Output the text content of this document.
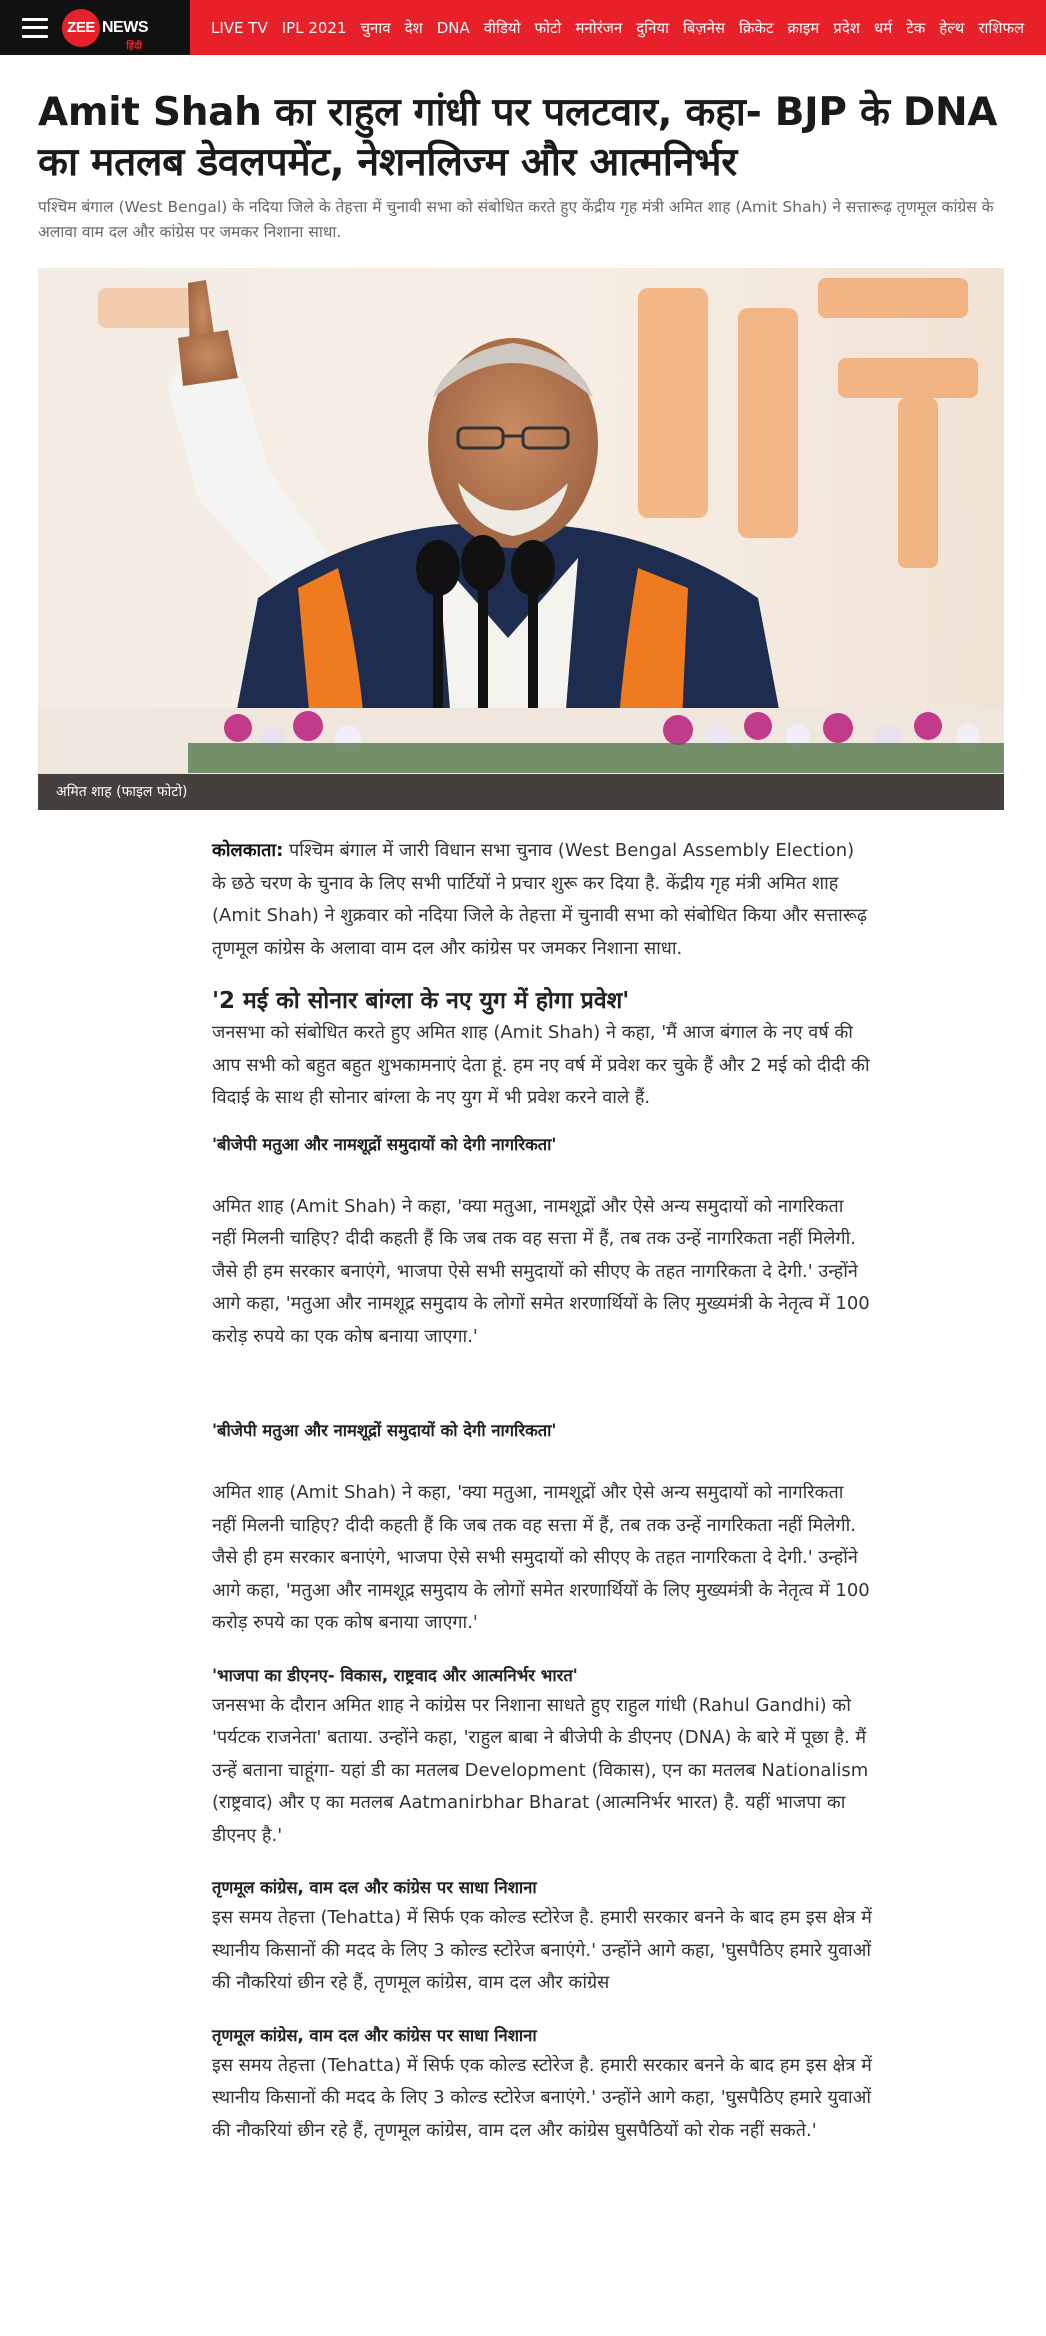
ZEE NEWS
हिंदी
LIVE TV IPL 2021 चुनाव देश DNA वीडियो फोटो मनोरंजन दुनिया बिज़नेस क्रिकेट क्राइम प्रदेश धर्म टेक हेल्थ राशिफल
Amit Shah का राहुल गांधी पर पलटवार, कहा- BJP के DNA का मतलब डेवलपमेंट, नेशनलिज्म और आत्मनिर्भर

पश्चिम बंगाल (West Bengal) के नदिया जिले के तेहत्ता में चुनावी सभा को संबोधित करते हुए केंद्रीय गृह मंत्री अमित शाह (Amit Shah) ने सत्तारूढ़ तृणमूल कांग्रेस के अलावा वाम दल और कांग्रेस पर जमकर निशाना साधा.

अमित शाह (फाइल फोटो)

कोलकाता: पश्चिम बंगाल में जारी विधान सभा चुनाव (West Bengal Assembly Election) के छठे चरण के चुनाव के लिए सभी पार्टियों ने प्रचार शुरू कर दिया है. केंद्रीय गृह मंत्री अमित शाह (Amit Shah) ने शुक्रवार को नदिया जिले के तेहत्ता में चुनावी सभा को संबोधित किया और सत्तारूढ़ तृणमूल कांग्रेस के अलावा वाम दल और कांग्रेस पर जमकर निशाना साधा.

'2 मई को सोनार बांग्ला के नए युग में होगा प्रवेश'

जनसभा को संबोधित करते हुए अमित शाह (Amit Shah) ने कहा, 'मैं आज बंगाल के नए वर्ष की आप सभी को बहुत बहुत शुभकामनाएं देता हूं. हम नए वर्ष में प्रवेश कर चुके हैं और 2 मई को दीदी की विदाई के साथ ही सोनार बांग्ला के नए युग में भी प्रवेश करने वाले हैं.

'बीजेपी मतुआ और नामशूद्रों समुदायों को देगी नागरिकता'

अमित शाह (Amit Shah) ने कहा, 'क्या मतुआ, नामशूद्रों और ऐसे अन्य समुदायों को नागरिकता नहीं मिलनी चाहिए? दीदी कहती हैं कि जब तक वह सत्ता में हैं, तब तक उन्हें नागरिकता नहीं मिलेगी. जैसे ही हम सरकार बनाएंगे, भाजपा ऐसे सभी समुदायों को सीएए के तहत नागरिकता दे देगी.' उन्होंने आगे कहा, 'मतुआ और नामशूद्र समुदाय के लोगों समेत शरणार्थियों के लिए मुख्यमंत्री के नेतृत्व में 100 करोड़ रुपये का एक कोष बनाया जाएगा.'

'बीजेपी मतुआ और नामशूद्रों समुदायों को देगी नागरिकता'

अमित शाह (Amit Shah) ने कहा, 'क्या मतुआ, नामशूद्रों और ऐसे अन्य समुदायों को नागरिकता नहीं मिलनी चाहिए? दीदी कहती हैं कि जब तक वह सत्ता में हैं, तब तक उन्हें नागरिकता नहीं मिलेगी. जैसे ही हम सरकार बनाएंगे, भाजपा ऐसे सभी समुदायों को सीएए के तहत नागरिकता दे देगी.' उन्होंने आगे कहा, 'मतुआ और नामशूद्र समुदाय के लोगों समेत शरणार्थियों के लिए मुख्यमंत्री के नेतृत्व में 100 करोड़ रुपये का एक कोष बनाया जाएगा.'

'भाजपा का डीएनए- विकास, राष्ट्रवाद और आत्मनिर्भर भारत'

जनसभा के दौरान अमित शाह ने कांग्रेस पर निशाना साधते हुए राहुल गांधी (Rahul Gandhi) को 'पर्यटक राजनेता' बताया. उन्होंने कहा, 'राहुल बाबा ने बीजेपी के डीएनए (DNA) के बारे में पूछा है. मैं उन्हें बताना चाहूंगा- यहां डी का मतलब Development (विकास), एन का मतलब Nationalism (राष्ट्रवाद) और ए का मतलब Aatmanirbhar Bharat (आत्मनिर्भर भारत) है. यहीं भाजपा का डीएनए है.'

तृणमूल कांग्रेस, वाम दल और कांग्रेस पर साधा निशाना

इस समय तेहत्ता (Tehatta) में सिर्फ एक कोल्ड स्टोरेज है. हमारी सरकार बनने के बाद हम इस क्षेत्र में स्थानीय किसानों की मदद के लिए 3 कोल्ड स्टोरेज बनाएंगे.' उन्होंने आगे कहा, 'घुसपैठिए हमारे युवाओं की नौकरियां छीन रहे हैं, तृणमूल कांग्रेस, वाम दल और कांग्रेस

तृणमूल कांग्रेस, वाम दल और कांग्रेस पर साधा निशाना

इस समय तेहत्ता (Tehatta) में सिर्फ एक कोल्ड स्टोरेज है. हमारी सरकार बनने के बाद हम इस क्षेत्र में स्थानीय किसानों की मदद के लिए 3 कोल्ड स्टोरेज बनाएंगे.' उन्होंने आगे कहा, 'घुसपैठिए हमारे युवाओं की नौकरियां छीन रहे हैं, तृणमूल कांग्रेस, वाम दल और कांग्रेस घुसपैठियों को रोक नहीं सकते.'
